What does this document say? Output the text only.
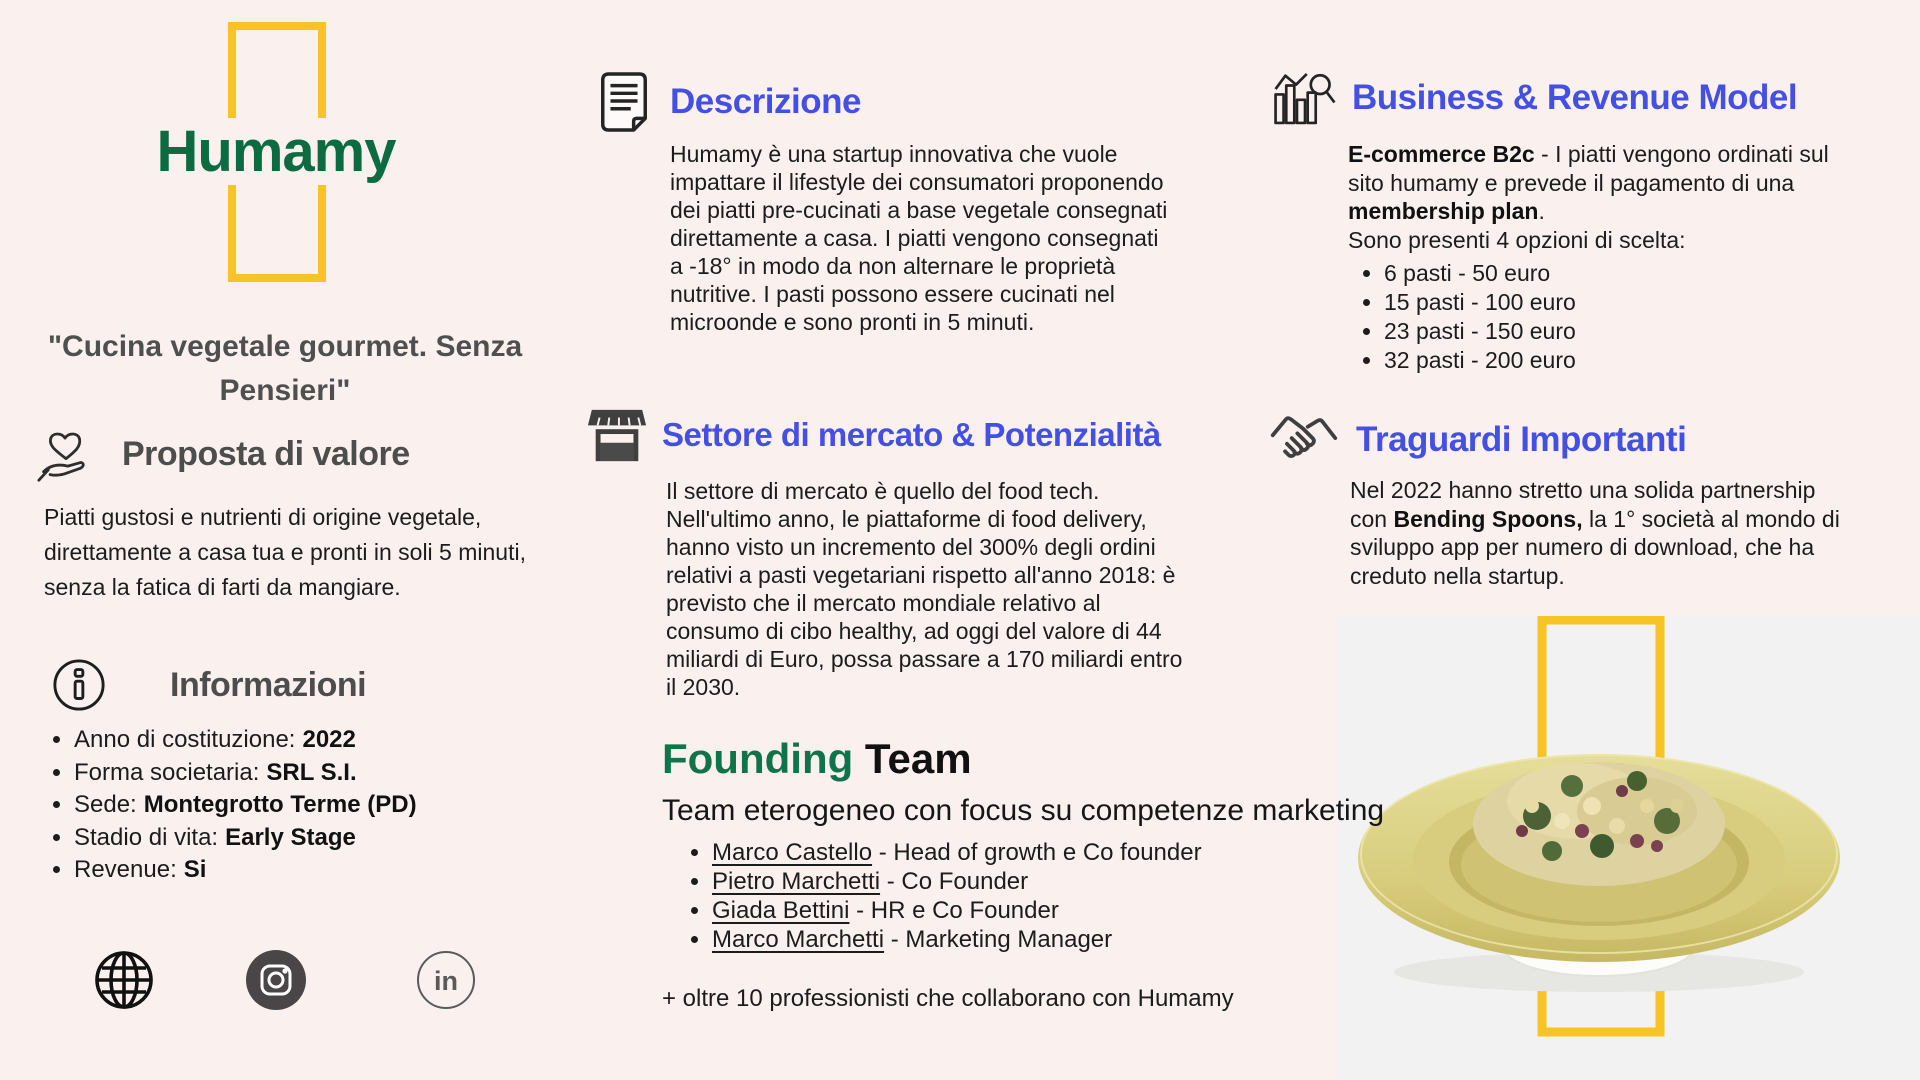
Humamy

"Cucina vegetale gourmet. Senza Pensieri"

Proposta di valore

Piatti gustosi e nutrienti di origine vegetale, direttamente a casa tua e pronti in soli 5 minuti, senza la fatica di farti da mangiare.

Informazioni
• Anno di costituzione: 2022
• Forma societaria: SRL S.I.
• Sede: Montegrotto Terme (PD)
• Stadio di vita: Early Stage
• Revenue: Si
in
Descrizione

Humamy è una startup innovativa che vuole impattare il lifestyle dei consumatori proponendo dei piatti pre-cucinati a base vegetale consegnati direttamente a casa. I piatti vengono consegnati a -18° in modo da non alternare le proprietà nutritive. I pasti possono essere cucinati nel microonde e sono pronti in 5 minuti.

Settore di mercato & Potenzialità

Il settore di mercato è quello del food tech. Nell'ultimo anno, le piattaforme di food delivery, hanno visto un incremento del 300% degli ordini relativi a pasti vegetariani rispetto all'anno 2018: è previsto che il mercato mondiale relativo al consumo di cibo healthy, ad oggi del valore di 44 miliardi di Euro, possa passare a 170 miliardi entro il 2030.

Founding Team

Team eterogeneo con focus su competenze marketing

• Marco Castello - Head of growth e Co founder
• Pietro Marchetti - Co Founder
• Giada Bettini - HR e Co Founder
• Marco Marchetti - Marketing Manager

+ oltre 10 professionisti che collaborano con Humamy

Business & Revenue Model

E-commerce B2c - I piatti vengono ordinati sul sito humamy e prevede il pagamento di una membership plan.

Sono presenti 4 opzioni di scelta:

• 6 pasti - 50 euro
• 15 pasti - 100 euro
• 23 pasti - 150 euro
• 32 pasti - 200 euro
Traguardi Importanti

Nel 2022 hanno stretto una solida partnership con Bending Spoons, la 1° società al mondo di sviluppo app per numero di download, che ha creduto nella startup.
